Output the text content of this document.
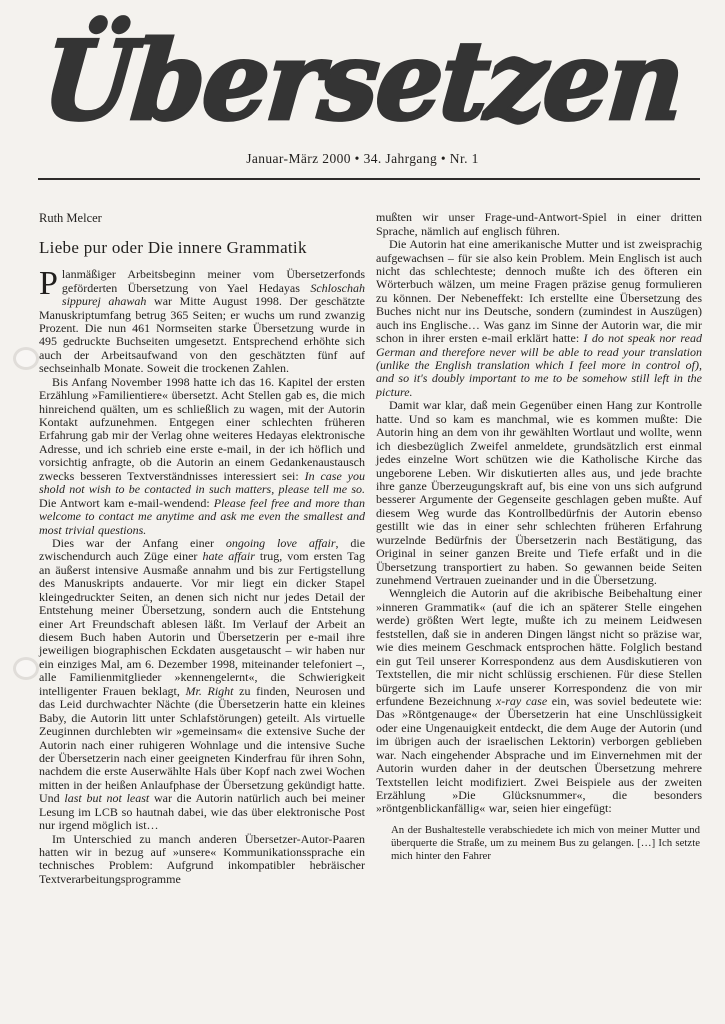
Übersetzen
Januar-März 2000 • 34. Jahrgang • Nr. 1
Ruth Melcer
Liebe pur oder Die innere Grammatik

Planmäßiger Arbeitsbeginn meiner vom Übersetzerfonds geförderten Übersetzung von Yael Hedayas Schloschah sippurej ahawah war Mitte August 1998. Der geschätzte Manuskriptumfang betrug 365 Seiten; er wuchs um rund zwanzig Prozent. Die nun 461 Normseiten starke Übersetzung wurde in 495 gedruckte Buchseiten umgesetzt. Entsprechend erhöhte sich auch der Arbeitsaufwand von den geschätzten fünf auf sechseinhalb Monate. Soweit die trockenen Zahlen.

Bis Anfang November 1998 hatte ich das 16. Kapitel der ersten Erzählung »Familientiere« übersetzt. Acht Stellen gab es, die mich hinreichend quälten, um es schließlich zu wagen, mit der Autorin Kontakt aufzunehmen. Entgegen einer schlechten früheren Erfahrung gab mir der Verlag ohne weiteres Hedayas elektronische Adresse, und ich schrieb eine erste e-mail, in der ich höflich und vorsichtig anfragte, ob die Autorin an einem Gedankenaustausch zwecks besseren Textverständnisses interessiert sei: In case you shold not wish to be contacted in such matters, please tell me so. Die Antwort kam e-mail-wendend: Please feel free and more than welcome to contact me anytime and ask me even the smallest and most trivial questions.

Dies war der Anfang einer ongoing love affair, die zwischendurch auch Züge einer hate affair trug, vom ersten Tag an äußerst intensive Ausmaße annahm und bis zur Fertigstellung des Manuskripts andauerte. Vor mir liegt ein dicker Stapel kleingedruckter Seiten, an denen sich nicht nur jedes Detail der Entstehung meiner Übersetzung, sondern auch die Entstehung einer Art Freundschaft ablesen läßt. Im Verlauf der Arbeit an diesem Buch haben Autorin und Übersetzerin per e-mail ihre jeweiligen biographischen Eckdaten ausgetauscht – wir haben nur ein einziges Mal, am 6. Dezember 1998, miteinander telefoniert –, alle Familienmitglieder »kennengelernt«, die Schwierigkeit intelligenter Frauen beklagt, Mr. Right zu finden, Neurosen und das Leid durchwachter Nächte (die Übersetzerin hatte ein kleines Baby, die Autorin litt unter Schlafstörungen) geteilt. Als virtuelle Zeuginnen durchlebten wir »gemeinsam« die extensive Suche der Autorin nach einer ruhigeren Wohnlage und die intensive Suche der Übersetzerin nach einer geeigneten Kinderfrau für ihren Sohn, nachdem die erste Auserwählte Hals über Kopf nach zwei Wochen mitten in der heißen Anlaufphase der Übersetzung gekündigt hatte. Und last but not least war die Autorin natürlich auch bei meiner Lesung im LCB so hautnah dabei, wie das über elektronische Post nur irgend möglich ist…

Im Unterschied zu manch anderen Übersetzer-Autor-Paaren hatten wir in bezug auf »unsere« Kommunikationssprache ein technisches Problem: Aufgrund inkompatibler hebräischer Textverarbeitungsprogramme

mußten wir unser Frage-und-Antwort-Spiel in einer dritten Sprache, nämlich auf englisch führen.

Die Autorin hat eine amerikanische Mutter und ist zweisprachig aufgewachsen – für sie also kein Problem. Mein Englisch ist auch nicht das schlechteste; dennoch mußte ich des öfteren ein Wörterbuch wälzen, um meine Fragen präzise genug formulieren zu können. Der Nebeneffekt: Ich erstellte eine Übersetzung des Buches nicht nur ins Deutsche, sondern (zumindest in Auszügen) auch ins Englische… Was ganz im Sinne der Autorin war, die mir schon in ihrer ersten e-mail erklärt hatte: I do not speak nor read German and therefore never will be able to read your translation (unlike the English translation which I feel more in control of), and so it's doubly important to me to be somehow still left in the picture.

Damit war klar, daß mein Gegenüber einen Hang zur Kontrolle hatte. Und so kam es manchmal, wie es kommen mußte: Die Autorin hing an dem von ihr gewählten Wortlaut und wollte, wenn ich diesbezüglich Zweifel anmeldete, grundsätzlich erst einmal jedes einzelne Wort schützen wie die Katholische Kirche das ungeborene Leben. Wir diskutierten alles aus, und jede brachte ihre ganze Überzeugungskraft auf, bis eine von uns sich aufgrund besserer Argumente der Gegenseite geschlagen geben mußte. Auf diesem Weg wurde das Kontrollbedürfnis der Autorin ebenso gestillt wie das in einer sehr schlechten früheren Erfahrung wurzelnde Bedürfnis der Übersetzerin nach Bestätigung, das Original in seiner ganzen Breite und Tiefe erfaßt und in die Übersetzung transportiert zu haben. So gewannen beide Seiten zunehmend Vertrauen zueinander und in die Übersetzung.

Wenngleich die Autorin auf die akribische Beibehaltung einer »inneren Grammatik« (auf die ich an späterer Stelle eingehen werde) größten Wert legte, mußte ich zu meinem Leidwesen feststellen, daß sie in anderen Dingen längst nicht so präzise war, wie dies meinem Geschmack entsprochen hätte. Folglich bestand ein gut Teil unserer Korrespondenz aus dem Ausdiskutieren von Textstellen, die mir nicht schlüssig erschienen. Für diese Stellen bürgerte sich im Laufe unserer Korrespondenz die von mir erfundene Bezeichnung x-ray case ein, was soviel bedeutete wie: Das »Röntgenauge« der Übersetzerin hat eine Unschlüssigkeit oder eine Ungenauigkeit entdeckt, die dem Auge der Autorin (und im übrigen auch der israelischen Lektorin) verborgen geblieben war. Nach eingehender Absprache und im Einvernehmen mit der Autorin wurden daher in der deutschen Übersetzung mehrere Textstellen leicht modifiziert. Zwei Beispiele aus der zweiten Erzählung »Die Glücksnummer«, die besonders »röntgenblickanfällig« war, seien hier eingefügt:

An der Bushaltestelle verabschiedete ich mich von meiner Mutter und überquerte die Straße, um zu meinem Bus zu gelangen. […] Ich setzte mich hinter den Fahrer
